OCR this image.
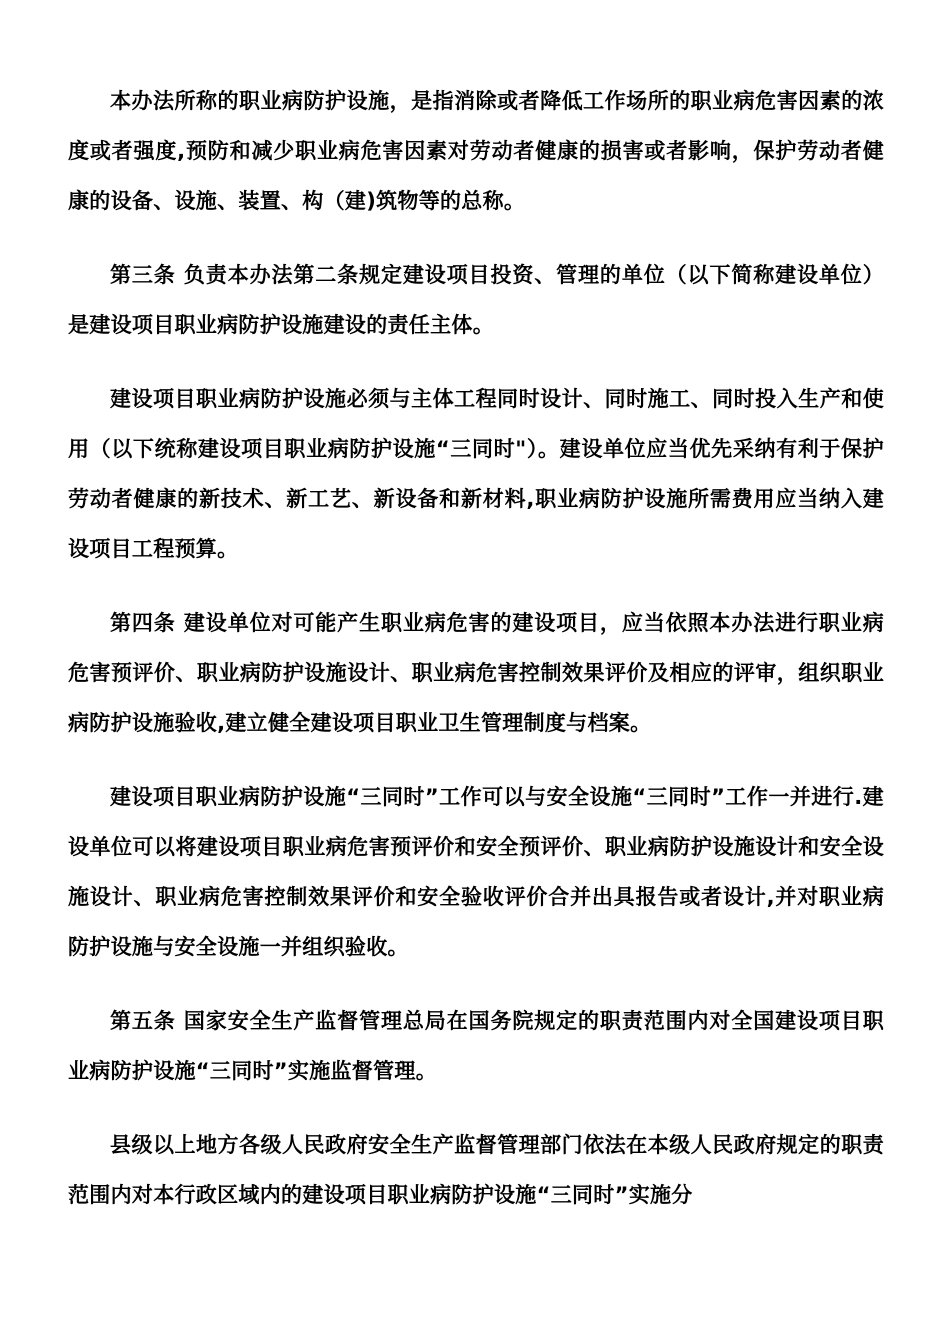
本办法所称的职业病防护设施，是指消除或者降低工作场所的职业病危害因素的浓度或者强度,预防和减少职业病危害因素对劳动者健康的损害或者影响，保护劳动者健康的设备、设施、装置、构（建)筑物等的总称。

第三条 负责本办法第二条规定建设项目投资、管理的单位（以下简称建设单位）是建设项目职业病防护设施建设的责任主体。

建设项目职业病防护设施必须与主体工程同时设计、同时施工、同时投入生产和使用（以下统称建设项目职业病防护设施“三同时"）。建设单位应当优先采纳有利于保护劳动者健康的新技术、新工艺、新设备和新材料,职业病防护设施所需费用应当纳入建设项目工程预算。

第四条 建设单位对可能产生职业病危害的建设项目，应当依照本办法进行职业病危害预评价、职业病防护设施设计、职业病危害控制效果评价及相应的评审，组织职业病防护设施验收,建立健全建设项目职业卫生管理制度与档案。

建设项目职业病防护设施“三同时”工作可以与安全设施“三同时”工作一并进行.建设单位可以将建设项目职业病危害预评价和安全预评价、职业病防护设施设计和安全设施设计、职业病危害控制效果评价和安全验收评价合并出具报告或者设计,并对职业病防护设施与安全设施一并组织验收。

第五条 国家安全生产监督管理总局在国务院规定的职责范围内对全国建设项目职业病防护设施“三同时”实施监督管理。

县级以上地方各级人民政府安全生产监督管理部门依法在本级人民政府规定的职责范围内对本行政区域内的建设项目职业病防护设施“三同时”实施分
